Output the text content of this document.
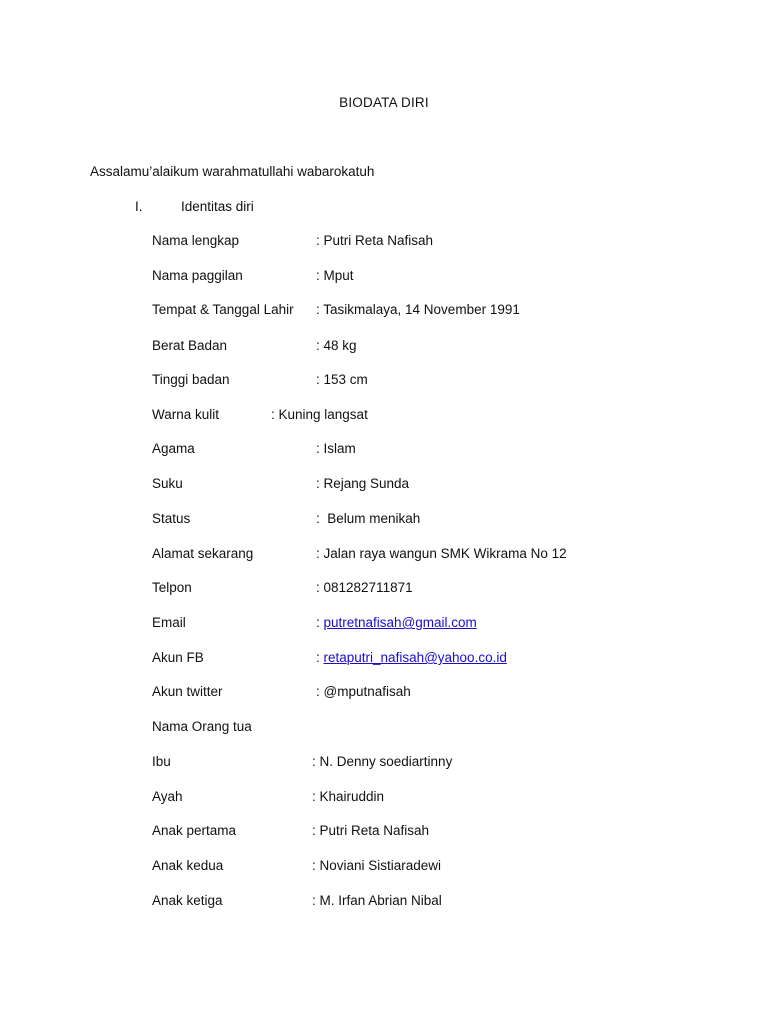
BIODATA DIRI
Assalamu’alaikum warahmatullahi wabarokatuh
I.	Identitas diri
Nama lengkap	: Putri Reta Nafisah
Nama paggilan	: Mput
Tempat & Tanggal Lahir : Tasikmalaya, 14 November 1991
Berat Badan	: 48 kg
Tinggi badan	: 153 cm
Warna kulit	: Kuning langsat
Agama	: Islam
Suku	: Rejang Sunda
Status	:  Belum menikah
Alamat sekarang	: Jalan raya wangun SMK Wikrama No 12
Telpon	: 081282711871
Email	: putretnafisah@gmail.com
Akun FB	: retaputri_nafisah@yahoo.co.id
Akun twitter	: @mputnafisah
Nama Orang tua
Ibu	: N. Denny soediartinny
Ayah	: Khairuddin
Anak pertama	: Putri Reta Nafisah
Anak kedua	: Noviani Sistiaradewi
Anak ketiga	: M. Irfan Abrian Nibal
